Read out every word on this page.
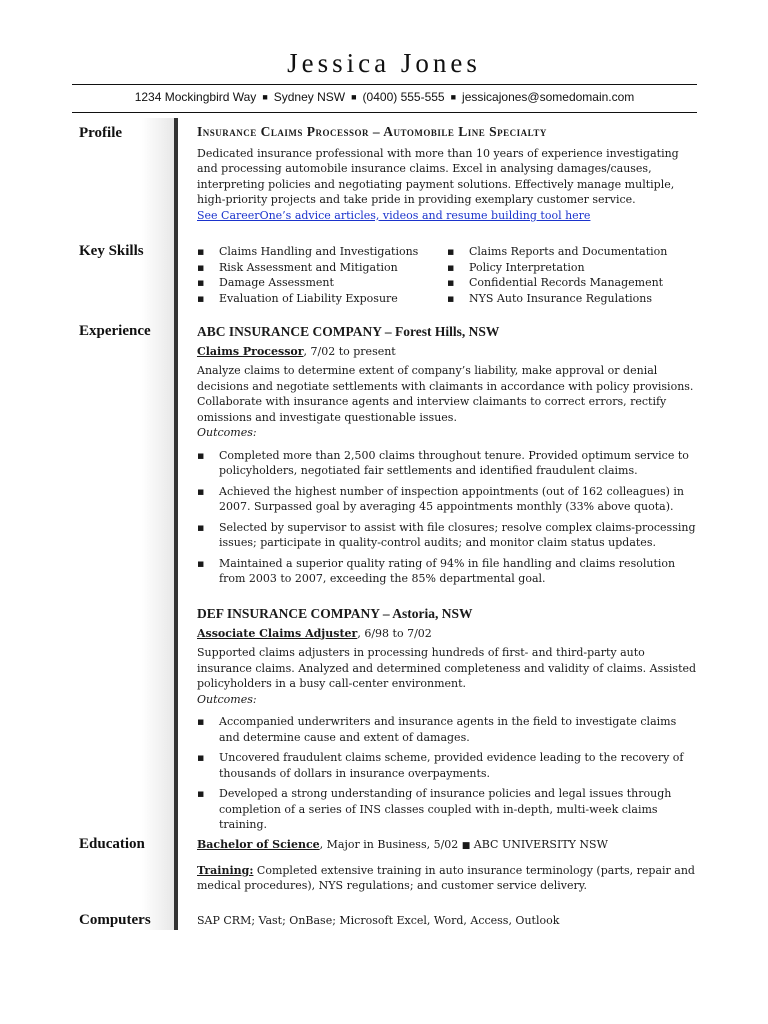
Jessica Jones
1234 Mockingbird Way ■ Sydney NSW ■ (0400) 555-555 ■ jessicajones@somedomain.com
Profile
Key Skills
Experience
Education
Computers
Insurance Claims Processor – Automobile Line Specialty
Dedicated insurance professional with more than 10 years of experience investigating and processing automobile insurance claims. Excel in analysing damages/causes, interpreting policies and negotiating payment solutions. Effectively manage multiple, high-priority projects and take pride in providing exemplary customer service.
See CareerOne’s advice articles, videos and resume building tool here
▪ Claims Handling and Investigations
▪ Risk Assessment and Mitigation
▪ Damage Assessment
▪ Evaluation of Liability Exposure
▪ Claims Reports and Documentation
▪ Policy Interpretation
▪ Confidential Records Management
▪ NYS Auto Insurance Regulations
ABC INSURANCE COMPANY – Forest Hills, NSW
Claims Processor, 7/02 to present
Analyze claims to determine extent of company’s liability, make approval or denial decisions and negotiate settlements with claimants in accordance with policy provisions. Collaborate with insurance agents and interview claimants to correct errors, rectify omissions and investigate questionable issues.
Outcomes:
▪ Completed more than 2,500 claims throughout tenure. Provided optimum service to policyholders, negotiated fair settlements and identified fraudulent claims.
▪ Achieved the highest number of inspection appointments (out of 162 colleagues) in 2007. Surpassed goal by averaging 45 appointments monthly (33% above quota).
▪ Selected by supervisor to assist with file closures; resolve complex claims-processing issues; participate in quality-control audits; and monitor claim status updates.
▪ Maintained a superior quality rating of 94% in file handling and claims resolution from 2003 to 2007, exceeding the 85% departmental goal.
DEF INSURANCE COMPANY – Astoria, NSW
Associate Claims Adjuster, 6/98 to 7/02
Supported claims adjusters in processing hundreds of first- and third-party auto insurance claims. Analyzed and determined completeness and validity of claims. Assisted policyholders in a busy call-center environment.
Outcomes:
▪ Accompanied underwriters and insurance agents in the field to investigate claims and determine cause and extent of damages.
▪ Uncovered fraudulent claims scheme, provided evidence leading to the recovery of thousands of dollars in insurance overpayments.
▪ Developed a strong understanding of insurance policies and legal issues through completion of a series of INS classes coupled with in-depth, multi-week claims training.
Bachelor of Science, Major in Business, 5/02 ■ ABC UNIVERSITY NSW
Training: Completed extensive training in auto insurance terminology (parts, repair and medical procedures), NYS regulations; and customer service delivery.
SAP CRM; Vast; OnBase; Microsoft Excel, Word, Access, Outlook
